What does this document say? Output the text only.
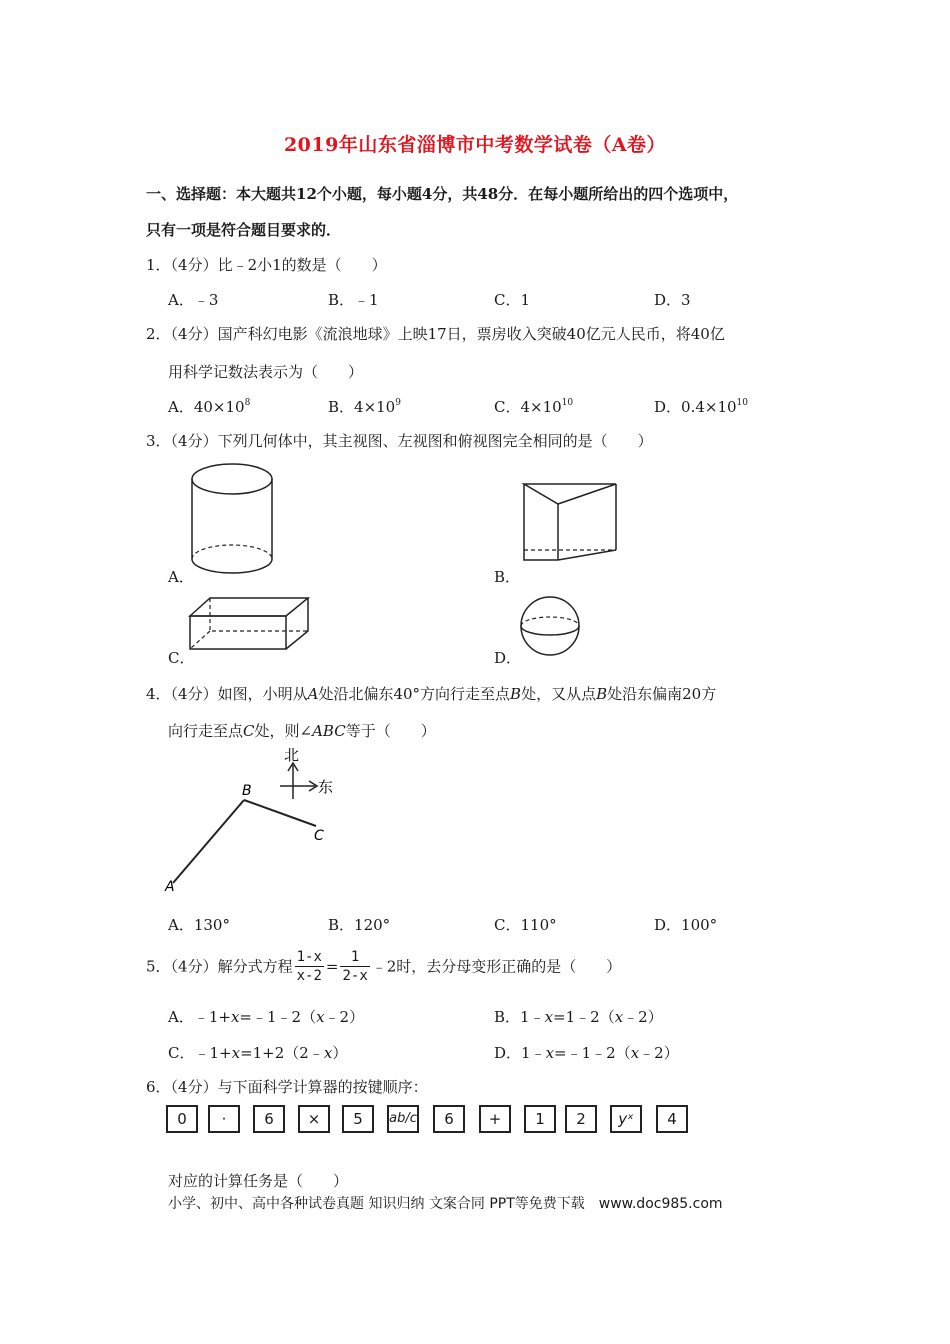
2019年山东省淄博市中考数学试卷（A卷）
一、选择题：本大题共12个小题，每小题4分，共48分．在每小题所给出的四个选项中，
只有一项是符合题目要求的．
1．（4分）比﹣2小1的数是（　　）
A．﹣3	B．﹣1	C．1	D．3
2．（4分）国产科幻电影《流浪地球》上映17日，票房收入突破40亿元人民币，将40亿
用科学记数法表示为（　　）
A．$40\times 10^8$	B．$4\times 10^9$	C．$4\times 10^{10}$	D．$0.4\times 10^{10}$
3．（4分）下列几何体中，其主视图、左视图和俯视图完全相同的是（　　）
A．	B．
C．	D．
4．（4分）如图，小明从A处沿北偏东40°方向行走至点B处，又从点B处沿东偏南20方
向行走至点C处，则∠ABC等于（　　）
北
东
B
C
A
A．130°	B．120°	C．110°	D．100°
5．（4分）解分式方程 $\frac{1-x}{x-2} = \frac{1}{2-x}$ ﹣2时，去分母变形正确的是（　　）
A．﹣1+x=﹣1﹣2（x﹣2）	B．1﹣x=1﹣2（x﹣2）
C．﹣1+x=1+2（2﹣x）	D．1﹣x=﹣1﹣2（x﹣2）
6．（4分）与下面科学计算器的按键顺序：
0	·	6	×	5	ab/c	6	+	1	2	yˣ	4
对应的计算任务是（　　）
小学、初中、高中各种试卷真题 知识归纳 文案合同 PPT等免费下载　www.doc985.com
